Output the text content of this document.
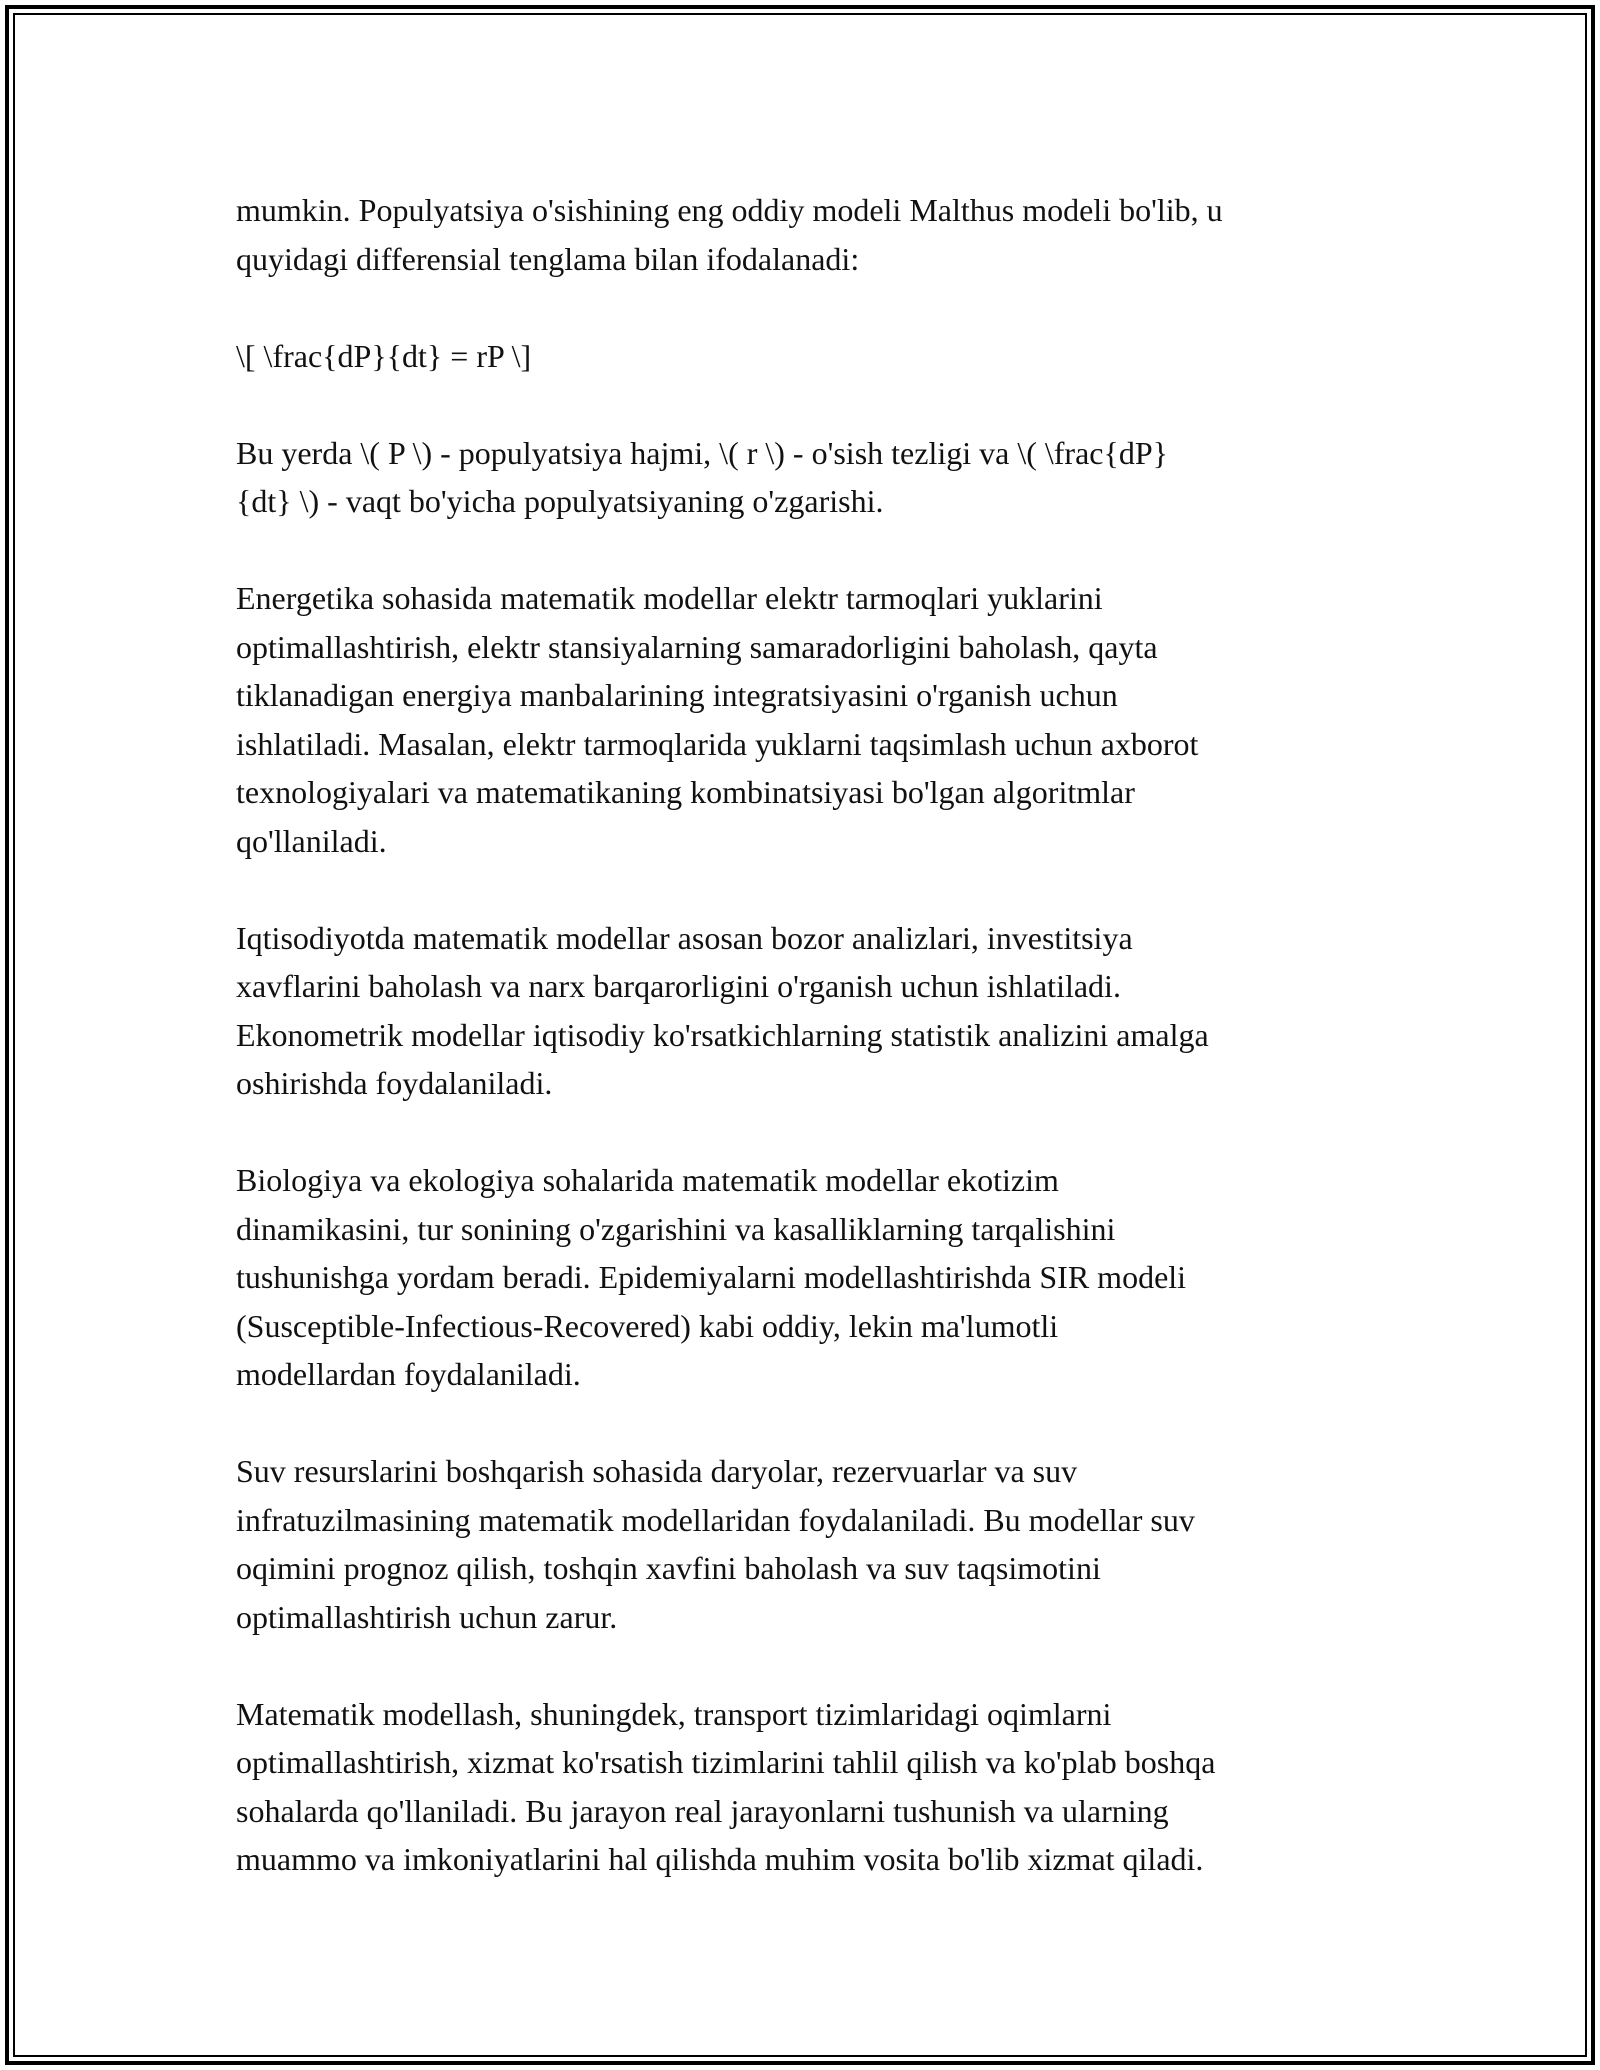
mumkin. Populyatsiya o'sishining eng oddiy modeli Malthus modeli bo'lib, u
quyidagi differensial tenglama bilan ifodalanadi:

\[ \frac{dP}{dt} = rP \]

Bu yerda \( P \) - populyatsiya hajmi, \( r \) - o'sish tezligi va \( \frac{dP}
{dt} \) - vaqt bo'yicha populyatsiyaning o'zgarishi.

Energetika sohasida matematik modellar elektr tarmoqlari yuklarini
optimallashtirish, elektr stansiyalarning samaradorligini baholash, qayta
tiklanadigan energiya manbalarining integratsiyasini o'rganish uchun
ishlatiladi. Masalan, elektr tarmoqlarida yuklarni taqsimlash uchun axborot
texnologiyalari va matematikaning kombinatsiyasi bo'lgan algoritmlar
qo'llaniladi.

Iqtisodiyotda matematik modellar asosan bozor analizlari, investitsiya
xavflarini baholash va narx barqarorligini o'rganish uchun ishlatiladi.
Ekonometrik modellar iqtisodiy ko'rsatkichlarning statistik analizini amalga
oshirishda foydalaniladi.

Biologiya va ekologiya sohalarida matematik modellar ekotizim
dinamikasini, tur sonining o'zgarishini va kasalliklarning tarqalishini
tushunishga yordam beradi. Epidemiyalarni modellashtirishda SIR modeli
(Susceptible-Infectious-Recovered) kabi oddiy, lekin ma'lumotli
modellardan foydalaniladi.

Suv resurslarini boshqarish sohasida daryolar, rezervuarlar va suv
infratuzilmasining matematik modellaridan foydalaniladi. Bu modellar suv
oqimini prognoz qilish, toshqin xavfini baholash va suv taqsimotini
optimallashtirish uchun zarur.

Matematik modellash, shuningdek, transport tizimlaridagi oqimlarni
optimallashtirish, xizmat ko'rsatish tizimlarini tahlil qilish va ko'plab boshqa
sohalarda qo'llaniladi. Bu jarayon real jarayonlarni tushunish va ularning
muammo va imkoniyatlarini hal qilishda muhim vosita bo'lib xizmat qiladi.
